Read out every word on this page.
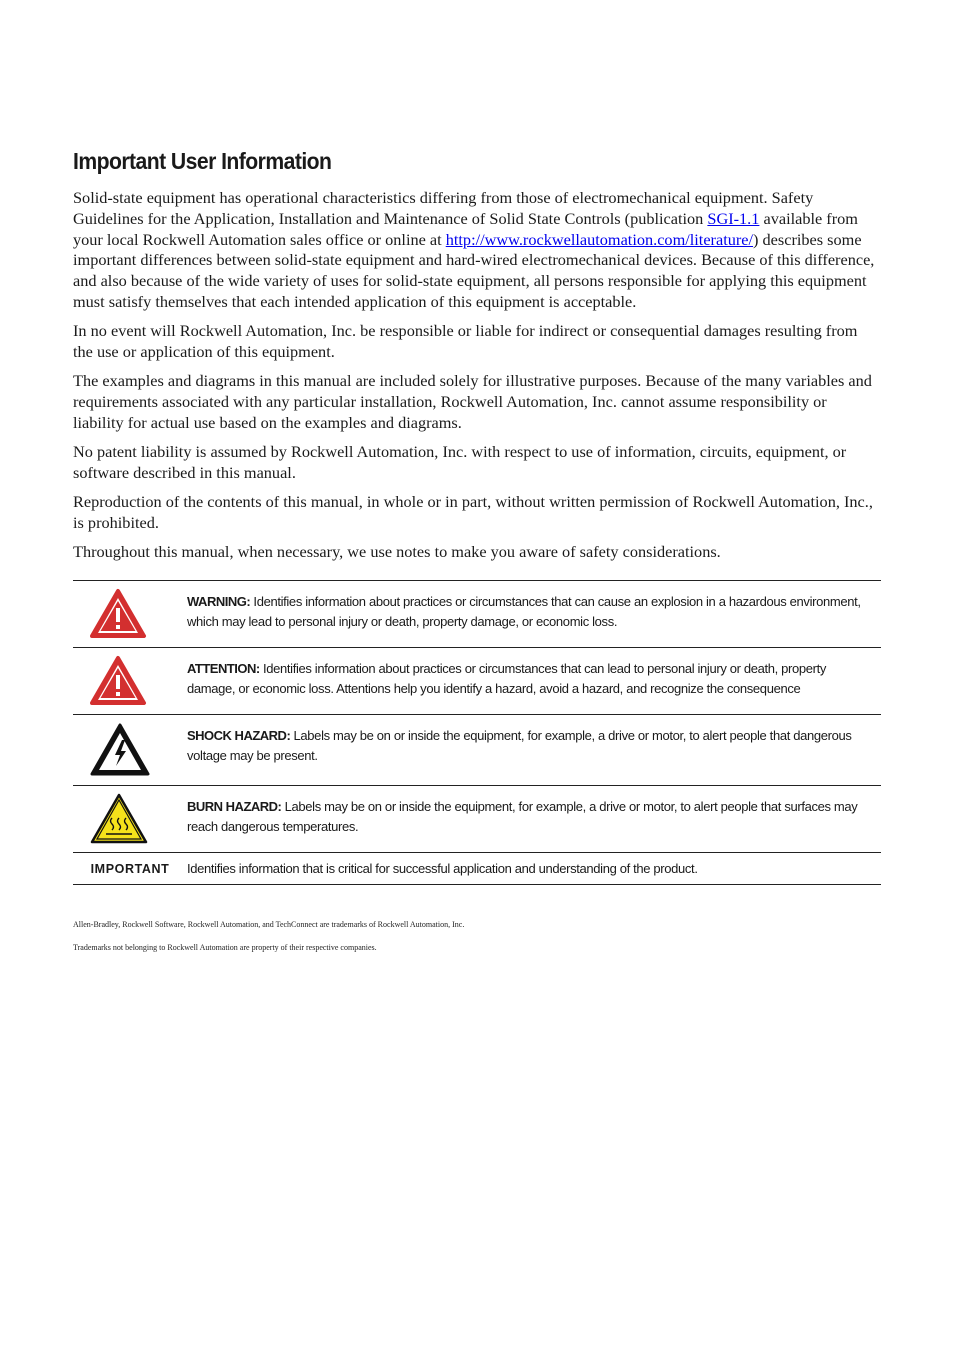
Important User Information

Solid-state equipment has operational characteristics differing from those of electromechanical equipment. Safety Guidelines for the Application, Installation and Maintenance of Solid State Controls (publication SGI-1.1 available from your local Rockwell Automation sales office or online at http://www.rockwellautomation.com/literature/) describes some important differences between solid-state equipment and hard-wired electromechanical devices. Because of this difference, and also because of the wide variety of uses for solid-state equipment, all persons responsible for applying this equipment must satisfy themselves that each intended application of this equipment is acceptable.

In no event will Rockwell Automation, Inc. be responsible or liable for indirect or consequential damages resulting from the use or application of this equipment.

The examples and diagrams in this manual are included solely for illustrative purposes. Because of the many variables and requirements associated with any particular installation, Rockwell Automation, Inc. cannot assume responsibility or liability for actual use based on the examples and diagrams.

No patent liability is assumed by Rockwell Automation, Inc. with respect to use of information, circuits, equipment, or software described in this manual.

Reproduction of the contents of this manual, in whole or in part, without written permission of Rockwell Automation, Inc., is prohibited.

Throughout this manual, when necessary, we use notes to make you aware of safety considerations.

WARNING: Identifies information about practices or circumstances that can cause an explosion in a hazardous environment, which may lead to personal injury or death, property damage, or economic loss.
ATTENTION: Identifies information about practices or circumstances that can lead to personal injury or death, property damage, or economic loss. Attentions help you identify a hazard, avoid a hazard, and recognize the consequence
SHOCK HAZARD: Labels may be on or inside the equipment, for example, a drive or motor, to alert people that dangerous voltage may be present.
BURN HAZARD: Labels may be on or inside the equipment, for example, a drive or motor, to alert people that surfaces may reach dangerous temperatures.
IMPORTANT	Identifies information that is critical for successful application and understanding of the product.
Allen-Bradley, Rockwell Software, Rockwell Automation, and TechConnect are trademarks of Rockwell Automation, Inc.
Trademarks not belonging to Rockwell Automation are property of their respective companies.
